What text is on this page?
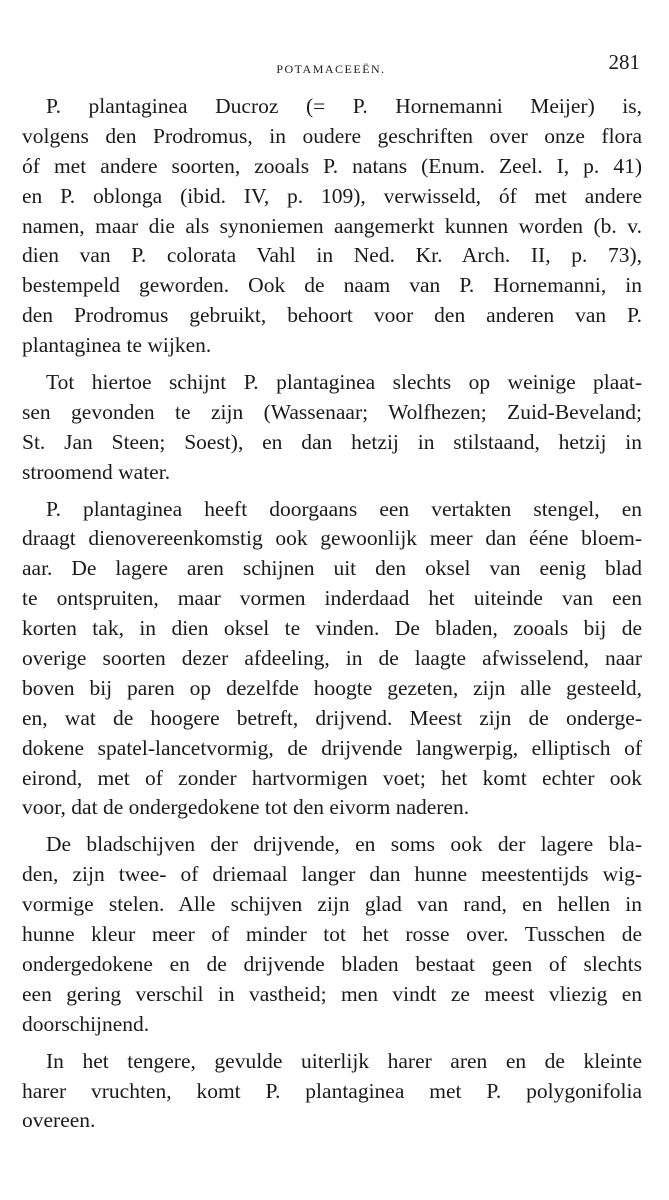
POTAMACEEËN.	281
P. plantaginea Ducroz (= P. Hornemanni Meijer) is,
volgens den Prodromus, in oudere geschriften over onze flora
óf met andere soorten, zooals P. natans (Enum. Zeel. I, p. 41)
en P. oblonga (ibid. IV, p. 109), verwisseld, óf met andere
namen, maar die als synoniemen aangemerkt kunnen worden (b. v.
dien van P. colorata Vahl in Ned. Kr. Arch. II, p. 73),
bestempeld geworden. Ook de naam van P. Hornemanni, in
den Prodromus gebruikt, behoort voor den anderen van P.
plantaginea te wijken.
Tot hiertoe schijnt P. plantaginea slechts op weinige plaat-
sen gevonden te zijn (Wassenaar; Wolfhezen; Zuid-Beveland;
St. Jan Steen; Soest), en dan hetzij in stilstaand, hetzij in
stroomend water.
P. plantaginea heeft doorgaans een vertakten stengel, en
draagt dienovereenkomstig ook gewoonlijk meer dan ééne bloem-
aar. De lagere aren schijnen uit den oksel van eenig blad
te ontspruiten, maar vormen inderdaad het uiteinde van een
korten tak, in dien oksel te vinden. De bladen, zooals bij de
overige soorten dezer afdeeling, in de laagte afwisselend, naar
boven bij paren op dezelfde hoogte gezeten, zijn alle gesteeld,
en, wat de hoogere betreft, drijvend. Meest zijn de onderge-
dokene spatel-lancetvormig, de drijvende langwerpig, elliptisch of
eirond, met of zonder hartvormigen voet; het komt echter ook
voor, dat de ondergedokene tot den eivorm naderen.
De bladschijven der drijvende, en soms ook der lagere bla-
den, zijn twee- of driemaal langer dan hunne meestentijds wig-
vormige stelen. Alle schijven zijn glad van rand, en hellen in
hunne kleur meer of minder tot het rosse over. Tusschen de
ondergedokene en de drijvende bladen bestaat geen of slechts
een gering verschil in vastheid; men vindt ze meest vliezig en
doorschijnend.
In het tengere, gevulde uiterlijk harer aren en de kleinte
harer vruchten, komt P. plantaginea met P. polygonifolia
overeen.
